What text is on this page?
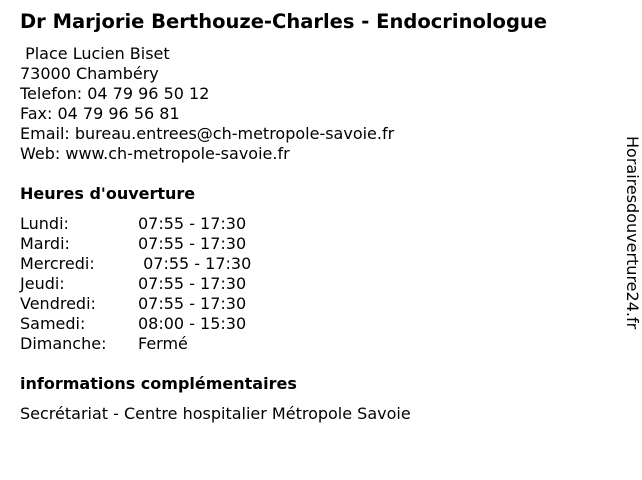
Dr Marjorie Berthouze-Charles - Endocrinologue
Place Lucien Biset
73000 Chambéry
Telefon: 04 79 96 50 12
Fax: 04 79 96 56 81
Email: bureau.entrees@ch-metropole-savoie.fr
Web: www.ch-metropole-savoie.fr
Heures d'ouverture
Lundi:	07:55 - 17:30
Mardi:	07:55 - 17:30
Mercredi:	07:55 - 17:30
Jeudi:	07:55 - 17:30
Vendredi:	07:55 - 17:30
Samedi:	08:00 - 15:30
Dimanche:	Fermé
informations complémentaires
Secrétariat - Centre hospitalier Métropole Savoie
Horairesdouverture24.fr
